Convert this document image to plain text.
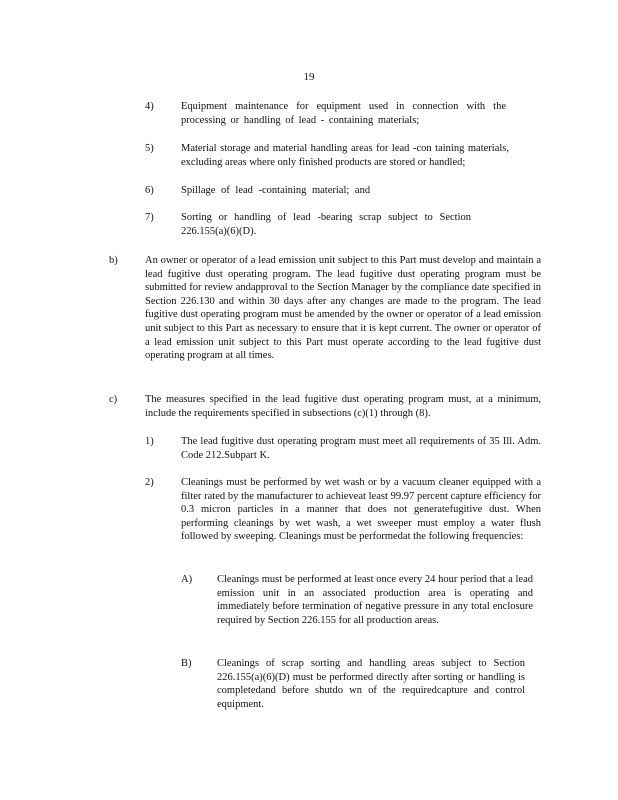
19
4)	Equipment maintenance for equipment used in connection with the processing or handling of lead - containing materials;
5)	Material storage and material handling areas for lead -con taining materials, excluding areas where only finished products are stored or handled;
6)	Spillage of lead -containing material; and
7)	Sorting or handling of lead -bearing scrap subject to Section 226.155(a)(6)(D).
b)	An owner or operator of a lead emission unit subject to this Part must develop and maintain a lead fugitive dust operating program. The lead fugitive dust operating program must be submitted for review andapproval to the Section Manager by the compliance date specified in Section 226.130 and within 30 days after any changes are made to the program. The lead fugitive dust operating program must be amended by the owner or operator of a lead emission unit subject to this Part as necessary to ensure that it is kept current. The owner or operator of a lead emission unit subject to this Part must operate according to the lead fugitive dust operating program at all times.
c)	The measures specified in the lead fugitive dust operating program must, at a minimum, include the requirements specified in subsections (c)(1) through (8).
1)	The lead fugitive dust operating program must meet all requirements of 35 Ill. Adm. Code 212.Subpart K.
2)	Cleanings must be performed by wet wash or by a vacuum cleaner equipped with a filter rated by the manufacturer to achieveat least 99.97 percent capture efficiency for 0.3 micron particles in a manner that does not generatefugitive dust. When performing cleanings by wet wash, a wet sweeper must employ a water flush followed by sweeping. Cleanings must be performedat the following frequencies:
A) Cleanings must be performed at least once every 24 hour period that a lead emission unit in an associated production area is operating and immediately before termination of negative pressure in any total enclosure required by Section 226.155 for all production areas.
B) Cleanings of scrap sorting and handling areas subject to Section 226.155(a)(6)(D) must be performed directly after sorting or handling is completedand before shutdo wn of the requiredcapture and control equipment.
